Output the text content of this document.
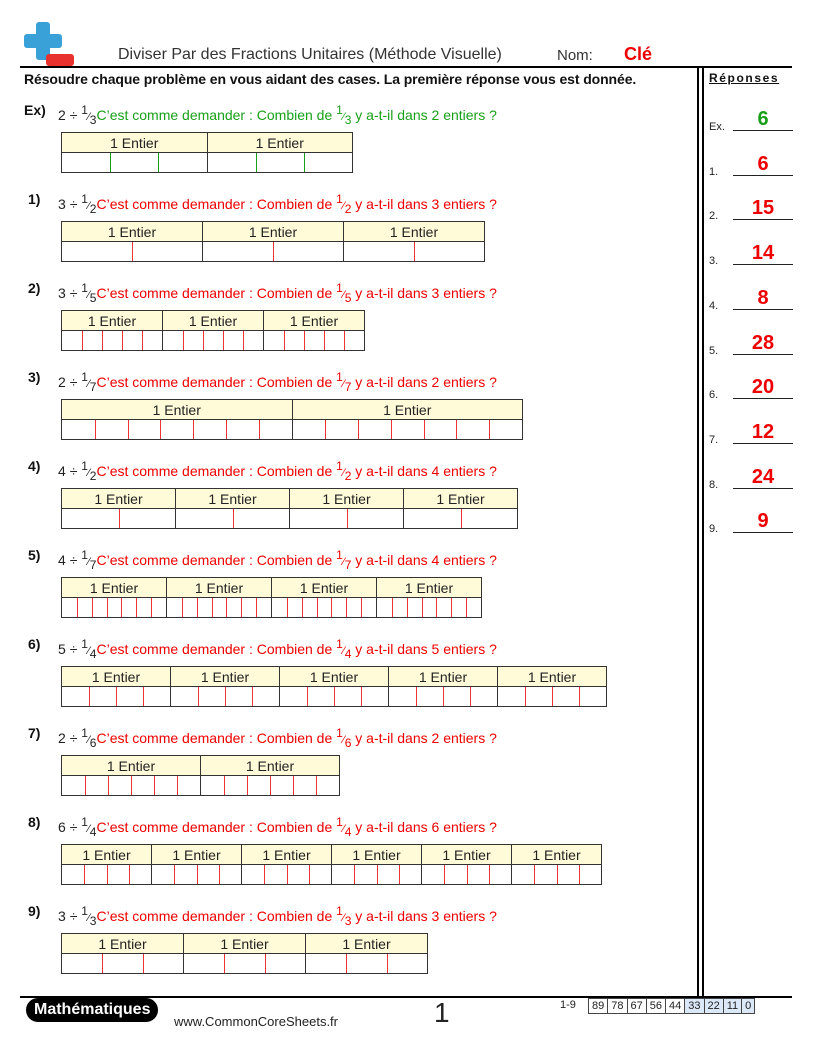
Diviser Par des Fractions Unitaires (Méthode Visuelle)	Nom: Clé
Résoudre chaque problème en vous aidant des cases. La première réponse vous est donnée.	Réponses
Ex.	6
1.	6
2.	15
3.	14
4.	8
5.	28
6.	20
7.	12
8.	24
9.	9
Ex) 2 ÷ 1⁄3C’est comme demander : Combien de 1⁄3 y a-t-il dans 2 entiers ?
1 Entier	1 Entier
1) 3 ÷ 1⁄2C’est comme demander : Combien de 1⁄2 y a-t-il dans 3 entiers ?
1 Entier	1 Entier	1 Entier
2) 3 ÷ 1⁄5C’est comme demander : Combien de 1⁄5 y a-t-il dans 3 entiers ?
1 Entier	1 Entier	1 Entier
3) 2 ÷ 1⁄7C’est comme demander : Combien de 1⁄7 y a-t-il dans 2 entiers ?
1 Entier	1 Entier
4) 4 ÷ 1⁄2C’est comme demander : Combien de 1⁄2 y a-t-il dans 4 entiers ?
1 Entier	1 Entier	1 Entier	1 Entier
5) 4 ÷ 1⁄7C’est comme demander : Combien de 1⁄7 y a-t-il dans 4 entiers ?
1 Entier	1 Entier	1 Entier	1 Entier
6) 5 ÷ 1⁄4C’est comme demander : Combien de 1⁄4 y a-t-il dans 5 entiers ?
1 Entier	1 Entier	1 Entier	1 Entier	1 Entier
7) 2 ÷ 1⁄6C’est comme demander : Combien de 1⁄6 y a-t-il dans 2 entiers ?
1 Entier	1 Entier
8) 6 ÷ 1⁄4C’est comme demander : Combien de 1⁄4 y a-t-il dans 6 entiers ?
1 Entier	1 Entier	1 Entier	1 Entier	1 Entier	1 Entier
9) 3 ÷ 1⁄3C’est comme demander : Combien de 1⁄3 y a-t-il dans 3 entiers ?
1 Entier	1 Entier	1 Entier
Mathématiques
www.CommonCoreSheets.fr	1	1-9 89 78 67 56 44 33 22 11 0
